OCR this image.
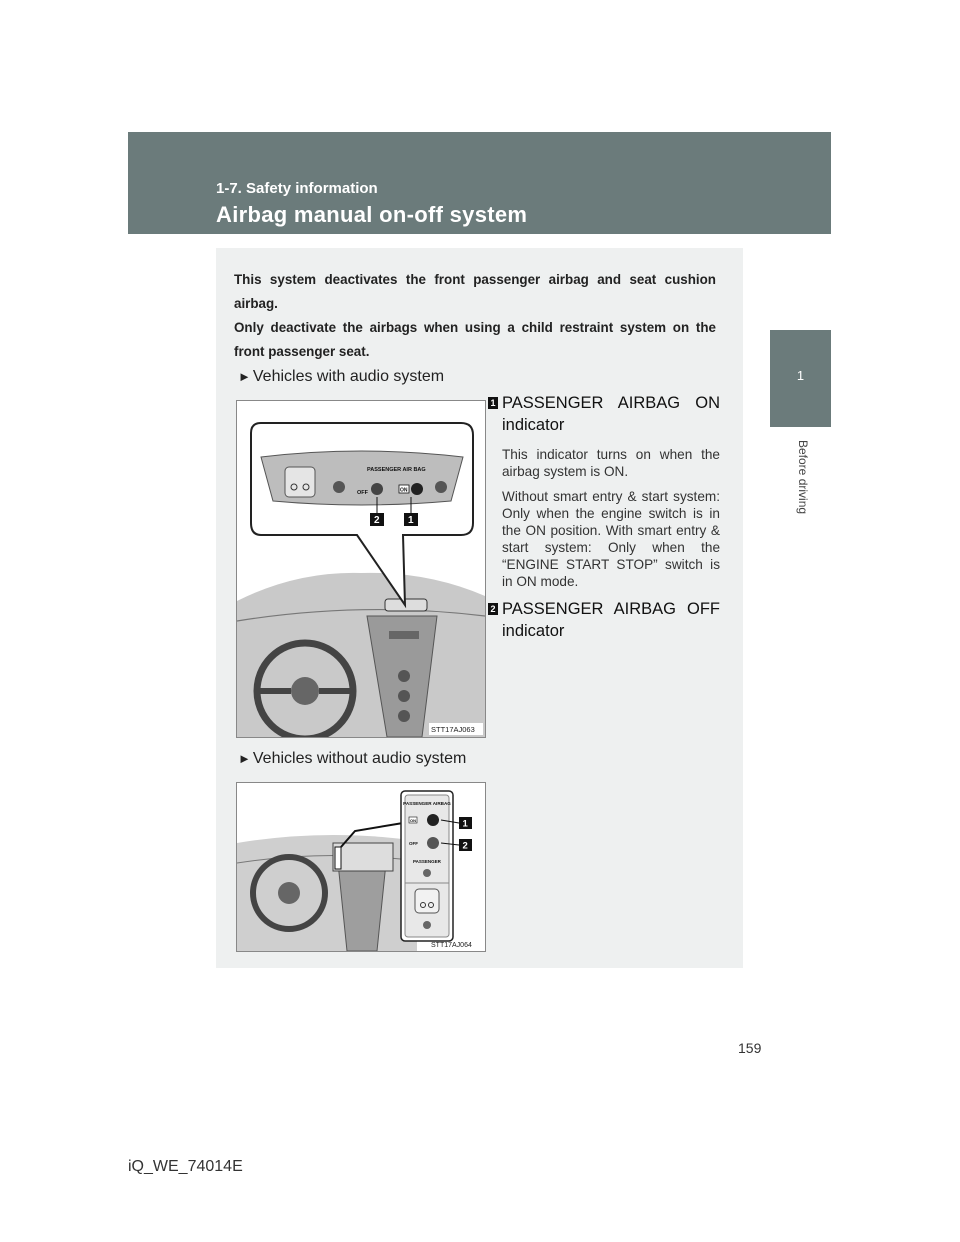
1-7. Safety information
Airbag manual on-off system
1
Before driving

This system deactivates the front passenger airbag and seat cushion airbag.

Only deactivate the airbags when using a child restraint system on the front passenger seat.

► Vehicles with audio system
PASSENGER AIR BAG
OFF	ON
2	1
STT17AJ063
1 PASSENGER AIRBAG ON indicator

This indicator turns on when the airbag system is ON.

Without smart entry & start system: Only when the engine switch is in the ON position. With smart entry & start system: Only when the “ENGINE START STOP” switch is in ON mode.

2 PASSENGER AIRBAG OFF indicator
► Vehicles without audio system
PASSENGER AIRBAG
ON
OFF
PASSENGER
1
2
STT17AJ064
159
iQ_WE_74014E
